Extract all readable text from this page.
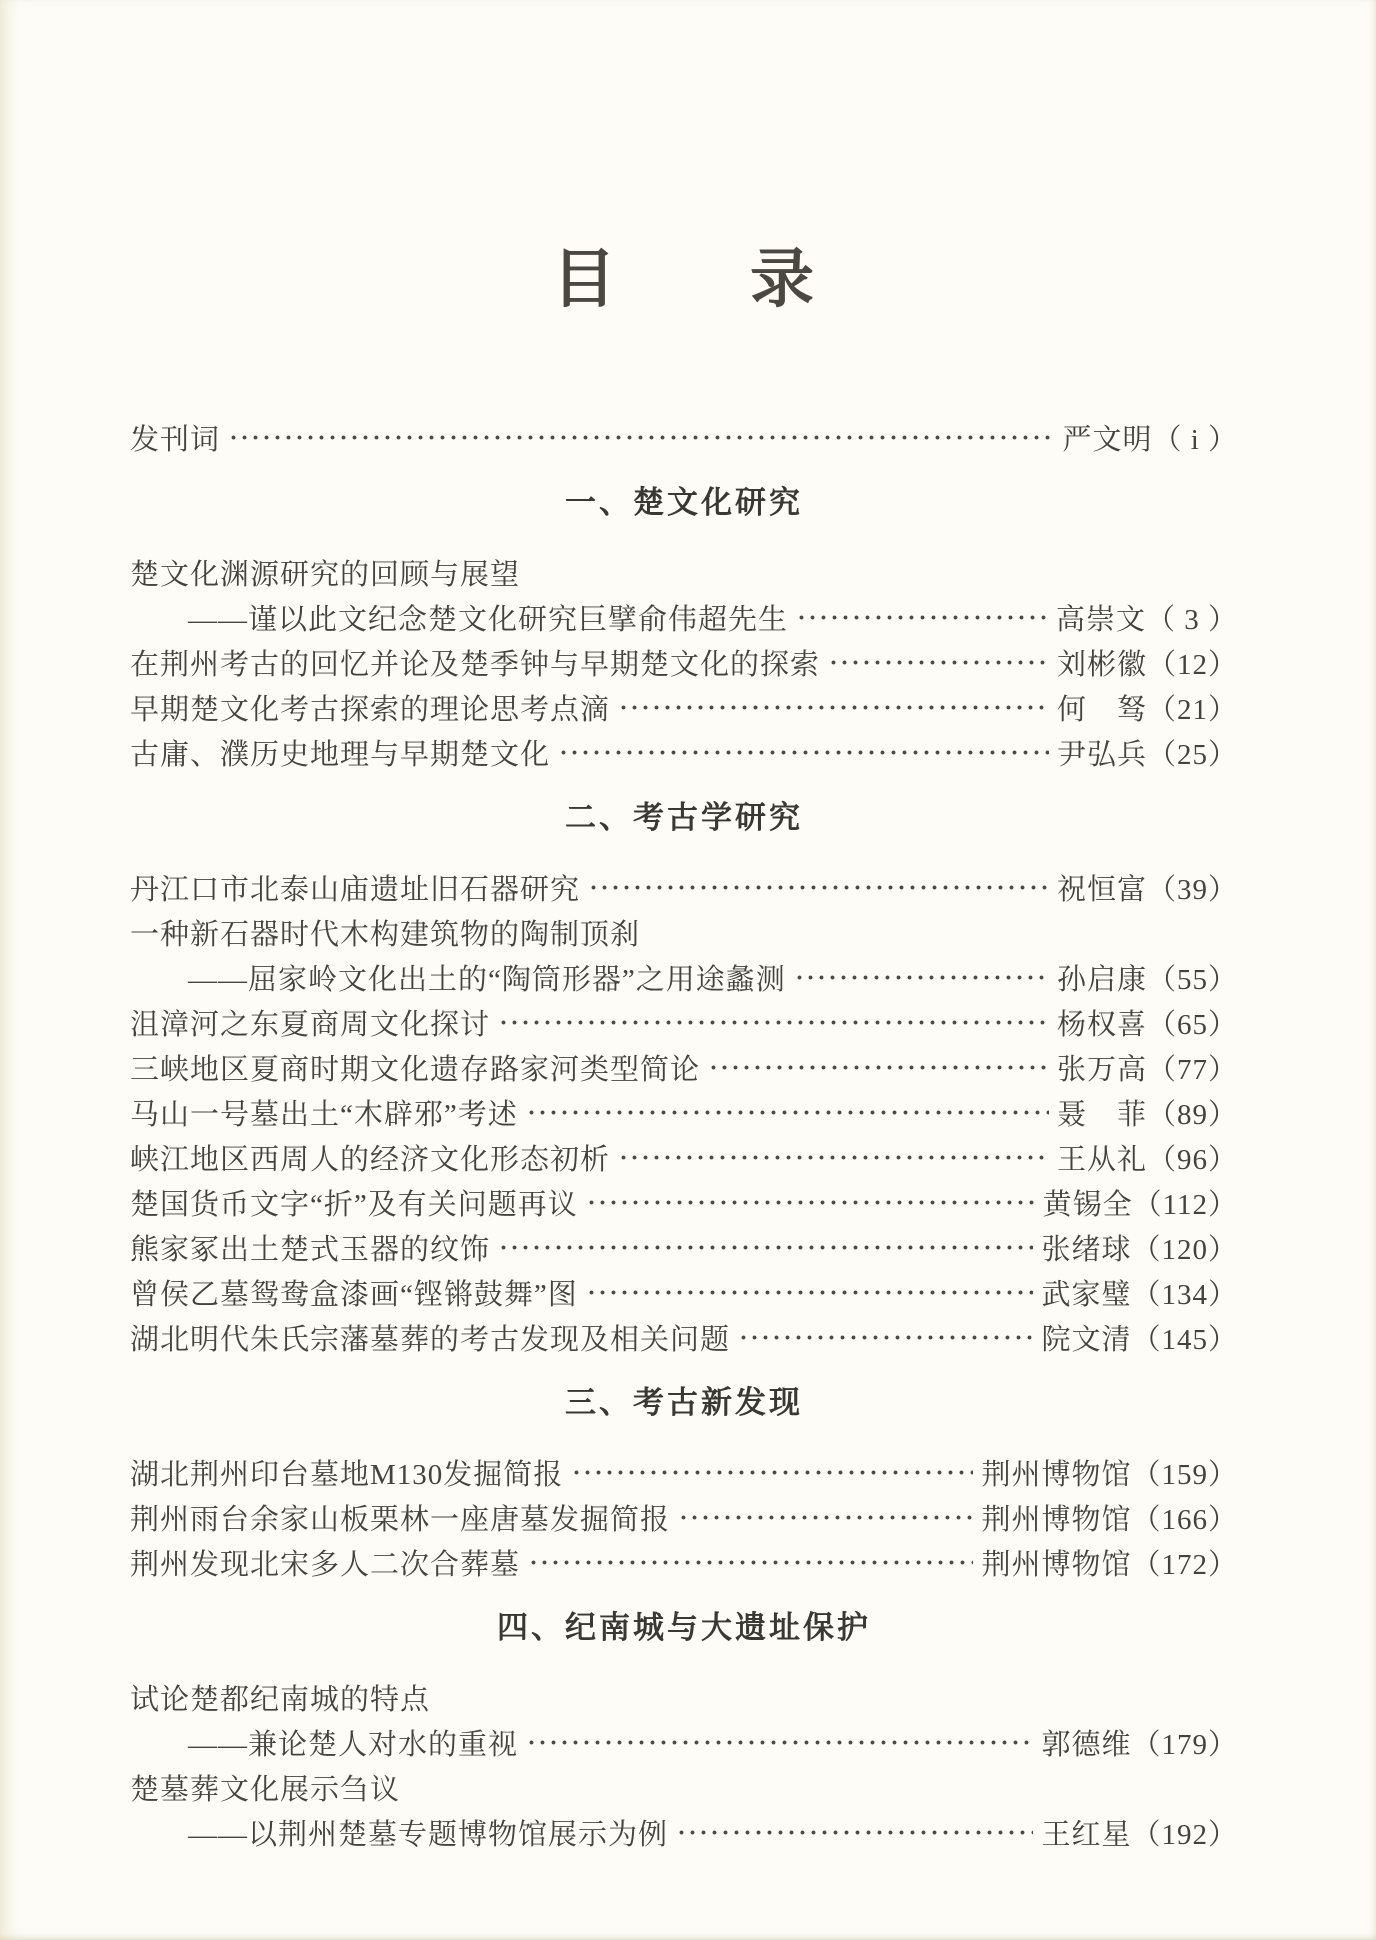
目　　录
发刊词	严文明（ i ）
一、楚文化研究
楚文化渊源研究的回顾与展望
——谨以此文纪念楚文化研究巨擘俞伟超先生	高崇文（ 3 ）
在荆州考古的回忆并论及楚季钟与早期楚文化的探索	刘彬徽（12）
早期楚文化考古探索的理论思考点滴	何　驽（21）
古庸、濮历史地理与早期楚文化	尹弘兵（25）
二、考古学研究
丹江口市北泰山庙遗址旧石器研究	祝恒富（39）
一种新石器时代木构建筑物的陶制顶刹
——屈家岭文化出土的“陶筒形器”之用途蠡测	孙启康（55）
沮漳河之东夏商周文化探讨	杨权喜（65）
三峡地区夏商时期文化遗存路家河类型简论	张万高（77）
马山一号墓出土“木辟邪”考述	聂　菲（89）
峡江地区西周人的经济文化形态初析	王从礼（96）
楚国货币文字“折”及有关问题再议	黄锡全（112）
熊家冢出土楚式玉器的纹饰	张绪球（120）
曾侯乙墓鸳鸯盒漆画“铿锵鼓舞”图	武家璧（134）
湖北明代朱氏宗藩墓葬的考古发现及相关问题	院文清（145）
三、考古新发现
湖北荆州印台墓地M130发掘简报	荆州博物馆（159）
荆州雨台余家山板栗林一座唐墓发掘简报	荆州博物馆（166）
荆州发现北宋多人二次合葬墓	荆州博物馆（172）
四、纪南城与大遗址保护
试论楚都纪南城的特点
——兼论楚人对水的重视	郭德维（179）
楚墓葬文化展示刍议
——以荆州楚墓专题博物馆展示为例	王红星（192）
